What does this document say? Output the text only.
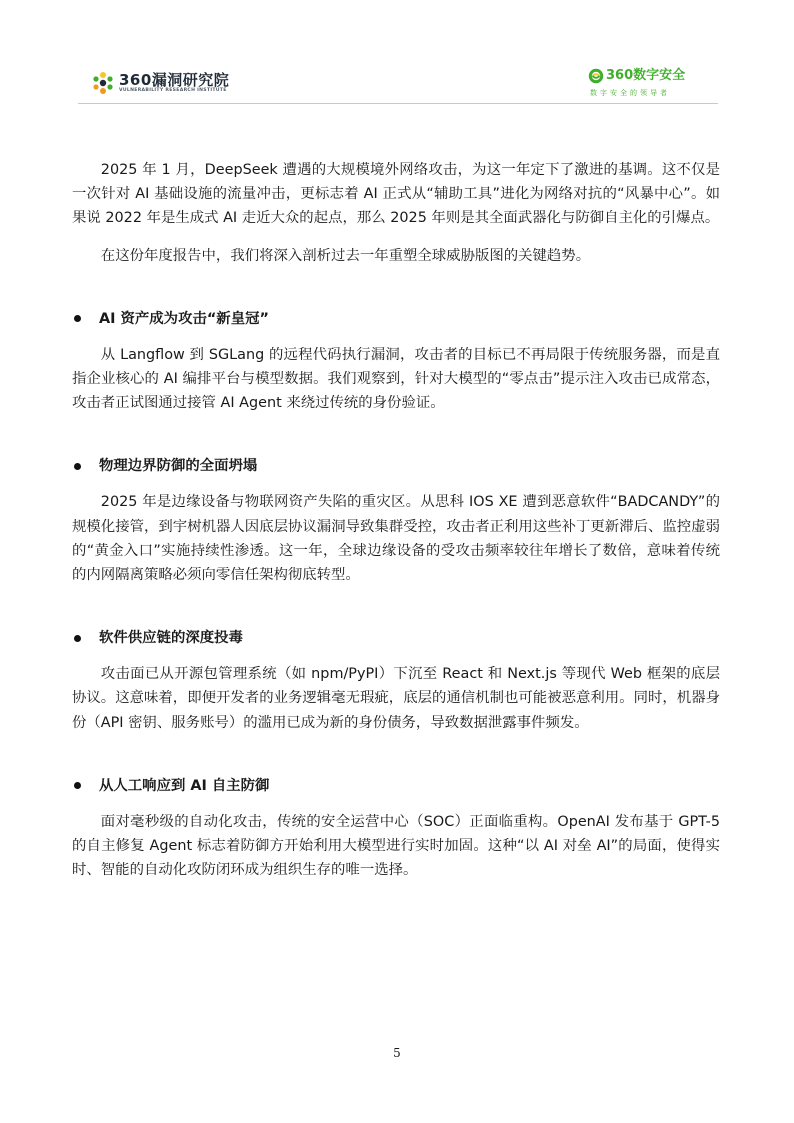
360漏洞研究院
VULNERABILITY RESEARCH INSTITUTE
360数字安全
数字安全的领导者

2025 年 1 月，DeepSeek 遭遇的大规模境外网络攻击，为这一年定下了激进的基调。这不仅是一次针对 AI 基础设施的流量冲击，更标志着 AI 正式从“辅助工具”进化为网络对抗的“风暴中心”。如果说 2022 年是生成式 AI 走近大众的起点，那么 2025 年则是其全面武器化与防御自主化的引爆点。

在这份年度报告中，我们将深入剖析过去一年重塑全球威胁版图的关键趋势。

AI 资产成为攻击“新皇冠”

从 Langflow 到 SGLang 的远程代码执行漏洞，攻击者的目标已不再局限于传统服务器，而是直指企业核心的 AI 编排平台与模型数据。我们观察到，针对大模型的“零点击”提示注入攻击已成常态，攻击者正试图通过接管 AI Agent 来绕过传统的身份验证。

物理边界防御的全面坍塌

2025 年是边缘设备与物联网资产失陷的重灾区。从思科 IOS XE 遭到恶意软件“BADCANDY”的规模化接管，到宇树机器人因底层协议漏洞导致集群受控，攻击者正利用这些补丁更新滞后、监控虚弱的“黄金入口”实施持续性渗透。这一年，全球边缘设备的受攻击频率较往年增长了数倍，意味着传统的内网隔离策略必须向零信任架构彻底转型。

软件供应链的深度投毒

攻击面已从开源包管理系统（如 npm/PyPI）下沉至 React 和 Next.js 等现代 Web 框架的底层协议。这意味着，即便开发者的业务逻辑毫无瑕疵，底层的通信机制也可能被恶意利用。同时，机器身份（API 密钥、服务账号）的滥用已成为新的身份债务，导致数据泄露事件频发。

从人工响应到 AI 自主防御

面对毫秒级的自动化攻击，传统的安全运营中心（SOC）正面临重构。OpenAI 发布基于 GPT-5 的自主修复 Agent 标志着防御方开始利用大模型进行实时加固。这种“以 AI 对垒 AI”的局面，使得实时、智能的自动化攻防闭环成为组织生存的唯一选择。

5
